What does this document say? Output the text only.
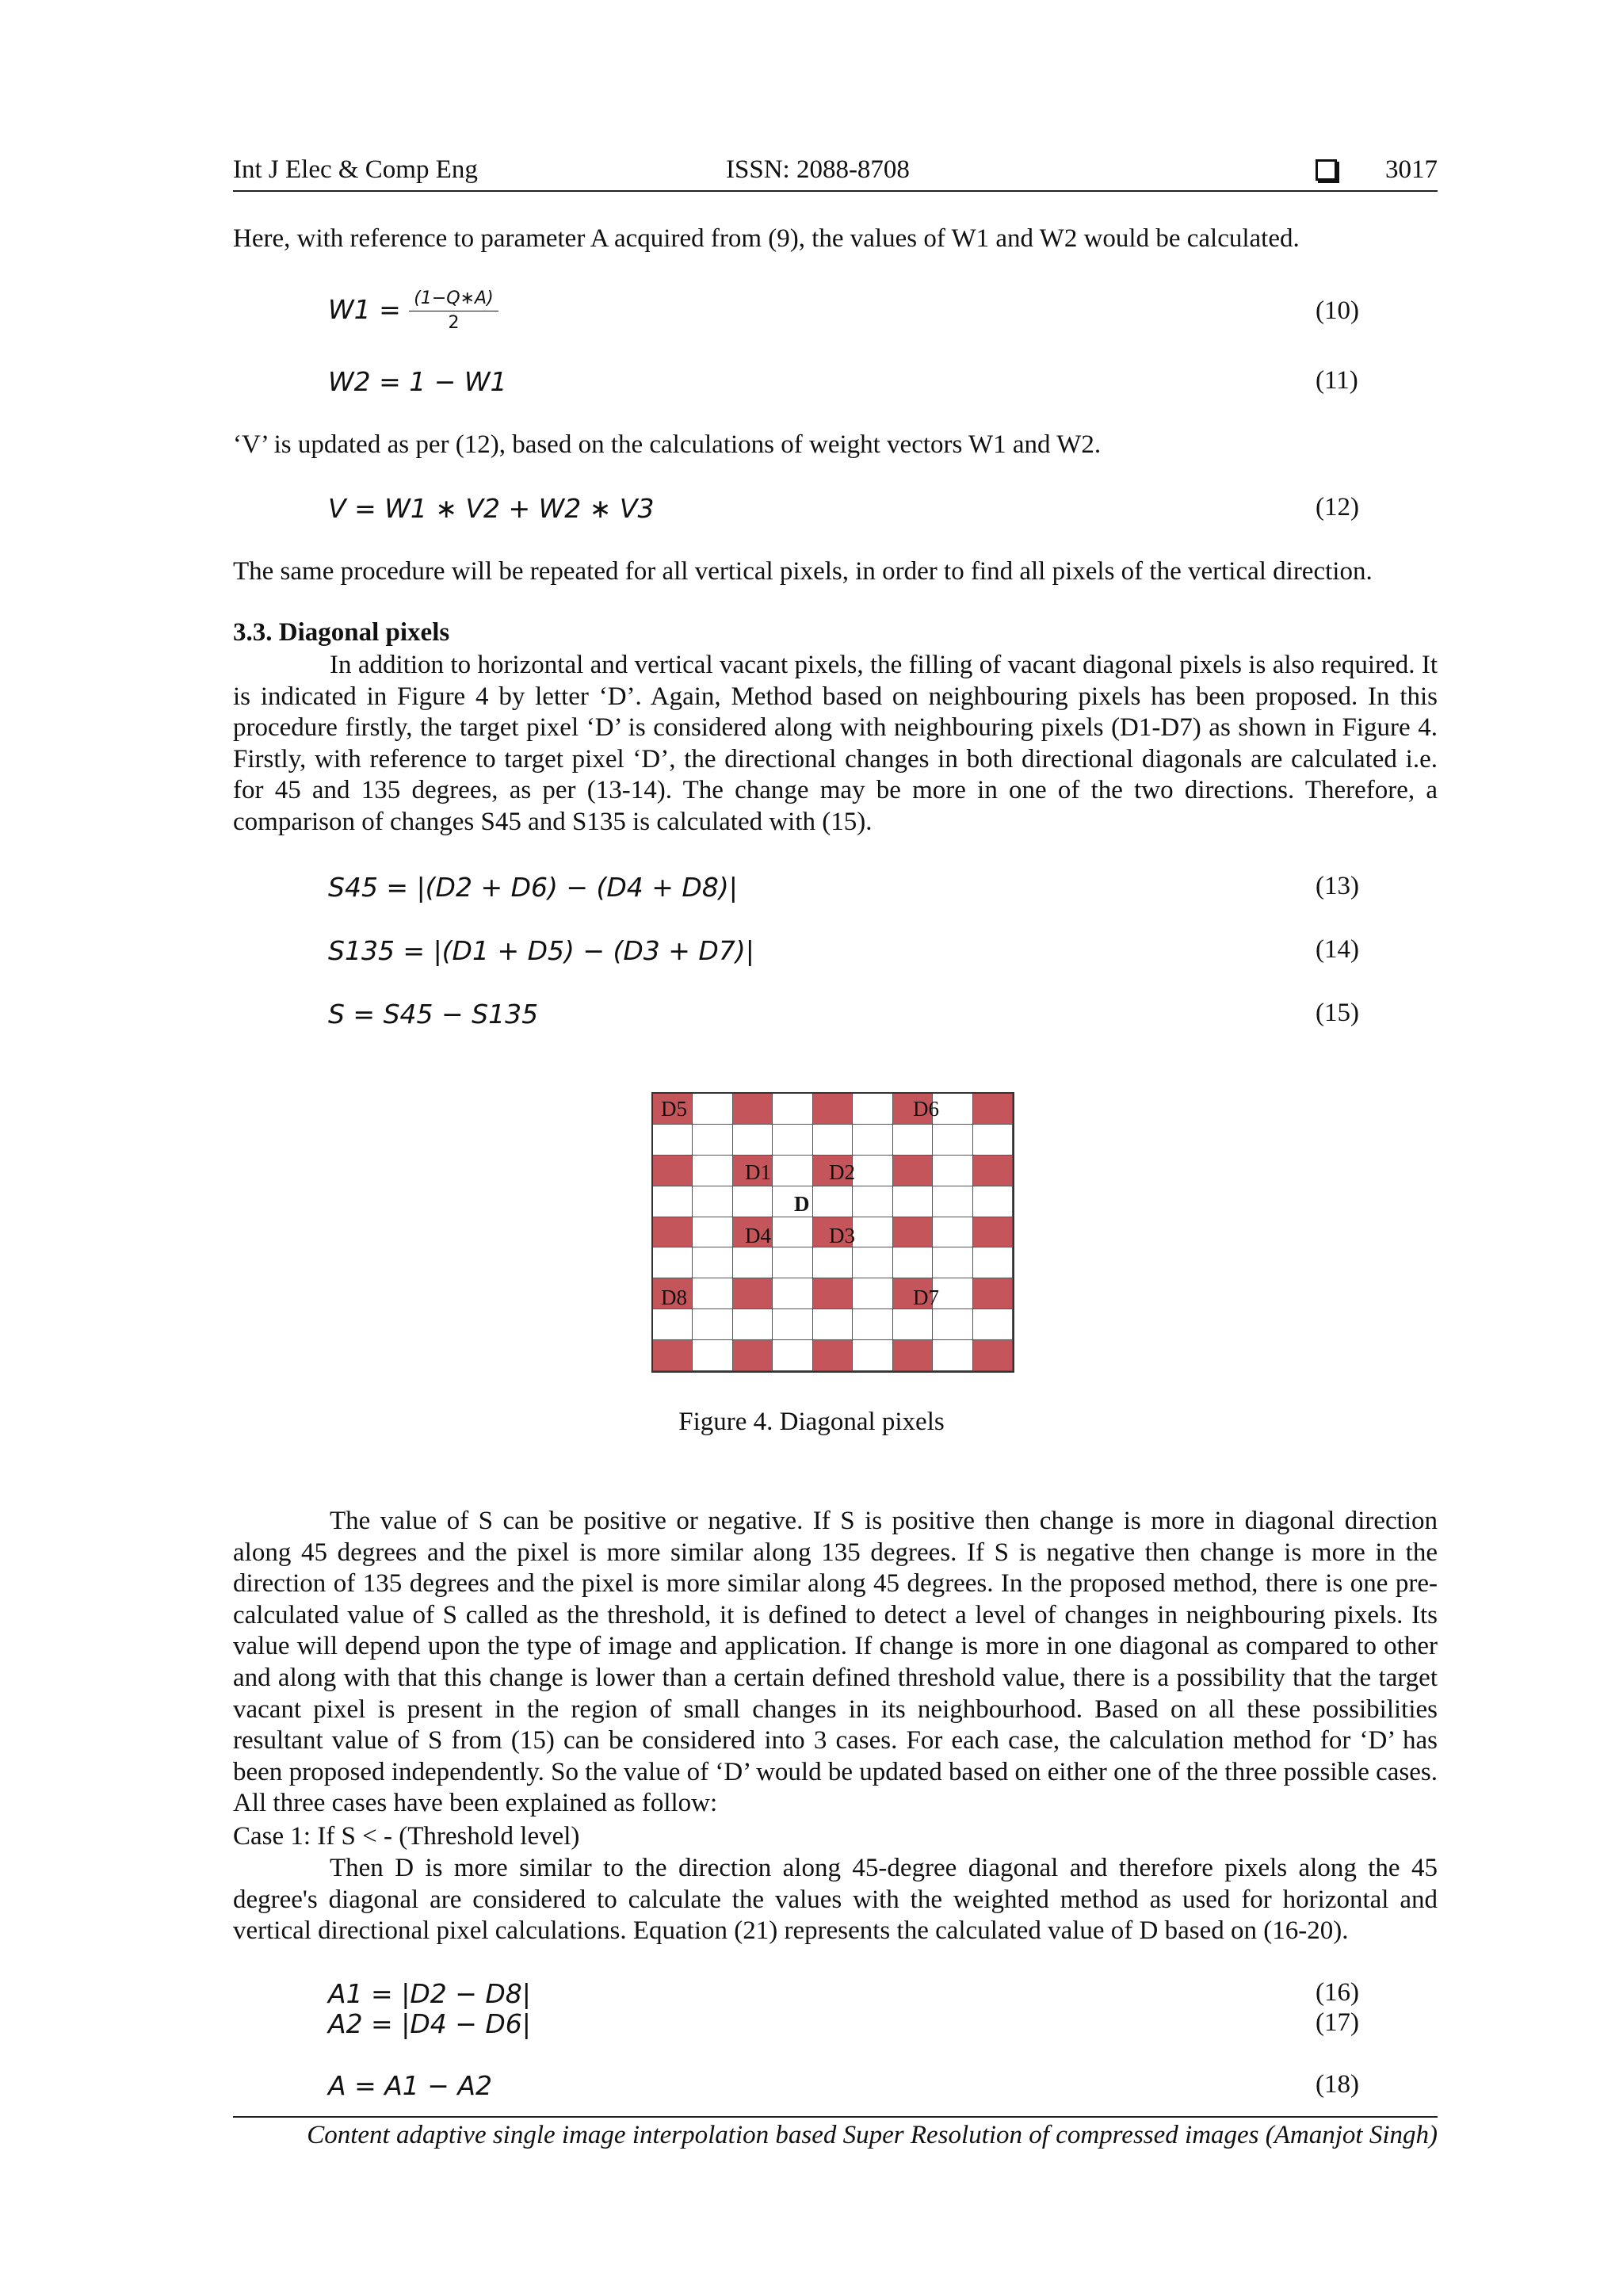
Int J Elec & Comp Eng	ISSN: 2088-8708	3017
Here, with reference to parameter A acquired from (9), the values of W1 and W2 would be calculated.
$W1 = \frac{(1-Q∗A)}{2}$	(10)
W2 = 1 − W1	(11)
‘V’ is updated as per (12), based on the calculations of weight vectors W1 and W2.
V = W1 ∗ V2 + W2 ∗ V3	(12)
The same procedure will be repeated for all vertical pixels, in order to find all pixels of the vertical direction.
3.3. Diagonal pixels
In addition to horizontal and vertical vacant pixels, the filling of vacant diagonal pixels is also required. It is indicated in Figure 4 by letter ‘D’. Again, Method based on neighbouring pixels has been proposed. In this procedure firstly, the target pixel ‘D’ is considered along with neighbouring pixels (D1-D7) as shown in Figure 4. Firstly, with reference to target pixel ‘D’, the directional changes in both directional diagonals are calculated i.e. for 45 and 135 degrees, as per (13-14). The change may be more in one of the two directions. Therefore, a comparison of changes S45 and S135 is calculated with (15).
S45 = |(D2 + D6) − (D4 + D8)|	(13)
S135 = |(D1 + D5) − (D3 + D7)|	(14)
S = S45 − S135	(15)
D5	D6
D1	D2
D
D4	D3
D8	D7
Figure 4. Diagonal pixels
The value of S can be positive or negative. If S is positive then change is more in diagonal direction along 45 degrees and the pixel is more similar along 135 degrees. If S is negative then change is more in the direction of 135 degrees and the pixel is more similar along 45 degrees. In the proposed method, there is one pre-calculated value of S called as the threshold, it is defined to detect a level of changes in neighbouring pixels. Its value will depend upon the type of image and application. If change is more in one diagonal as compared to other and along with that this change is lower than a certain defined threshold value, there is a possibility that the target vacant pixel is present in the region of small changes in its neighbourhood. Based on all these possibilities resultant value of S from (15) can be considered into 3 cases. For each case, the calculation method for ‘D’ has been proposed independently. So the value of ‘D’ would be updated based on either one of the three possible cases. All three cases have been explained as follow:
Case 1: If S < - (Threshold level)
Then D is more similar to the direction along 45-degree diagonal and therefore pixels along the 45 degree's diagonal are considered to calculate the values with the weighted method as used for horizontal and vertical directional pixel calculations. Equation (21) represents the calculated value of D based on (16-20).
A1 = |D2 − D8|	(16)
A2 = |D4 − D6|	(17)
A = A1 − A2	(18)
Content adaptive single image interpolation based Super Resolution of compressed images (Amanjot Singh)
